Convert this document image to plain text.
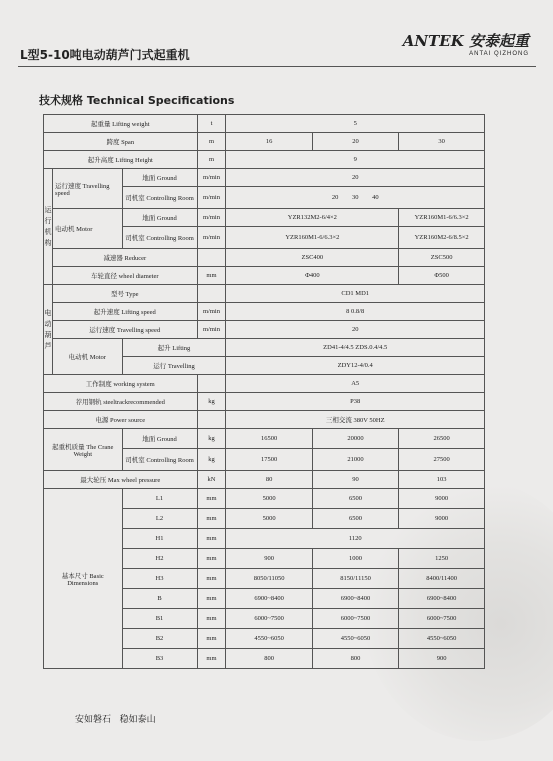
L型5-10吨电动葫芦门式起重机
ANTEK 安泰起重
ANTAI QIZHONG
技术规格 Technical Specifications
起重量 Lifting weight			t	5		
跨度 Span			m	16	20	30
起升高度 Lifting Height			m	9		
运行机构	运行速度 Travelling speed	地面 Ground	m/min	20		
		司机室 Controlling Room	m/min	20 30 40		
	电动机 Motor	地面 Ground	m/min	YZR132M2-6/4×2		YZR160M1-6/6.3×2
		司机室 Controlling Room	m/min	YZR160M1-6/6.3×2		YZR160M2-6/8.5×2
	减速器 Reducer			ZSC400		ZSC500
	车轮直径 wheel diameter		mm	Φ400		Φ500
电动葫芦	型号 Type			CD1 MD1		
	起升速度 Lifting speed		m/min	8 0.8/8		
	运行速度 Travelling speed		m/min	20		
	电动机 Motor	起升 Lifting		ZD41-4/4.5 ZDS.0.4/4.5		
		运行 Travelling		ZDY12-4/0.4		
工作制度 working system				A5		
荐用钢轨 steeltrackrecommended			kg	P38		
电源 Power source				三相交流 380V 50HZ		
起重机质量 The Crane Weight		地面 Ground	kg	16500	20000	26500
		司机室 Controlling Room	kg	17500	21000	27500
最大轮压 Max wheel pressure			kN	80	90	103
基本尺寸 Basic Dimensions		L1	mm	5000	6500	9000
		L2	mm	5000	6500	9000
		H1	mm	1120		
		H2	mm	900	1000	1250
		H3	mm	8050/11050	8150/11150	8400/11400
		B	mm	6900~8400	6900~8400	6900~8400
		B1	mm	6000~7500	6000~7500	6000~7500
		B2	mm	4550~6050	4550~6050	4550~6050
		B3	mm	800	800	900
安如磐石 稳如泰山
